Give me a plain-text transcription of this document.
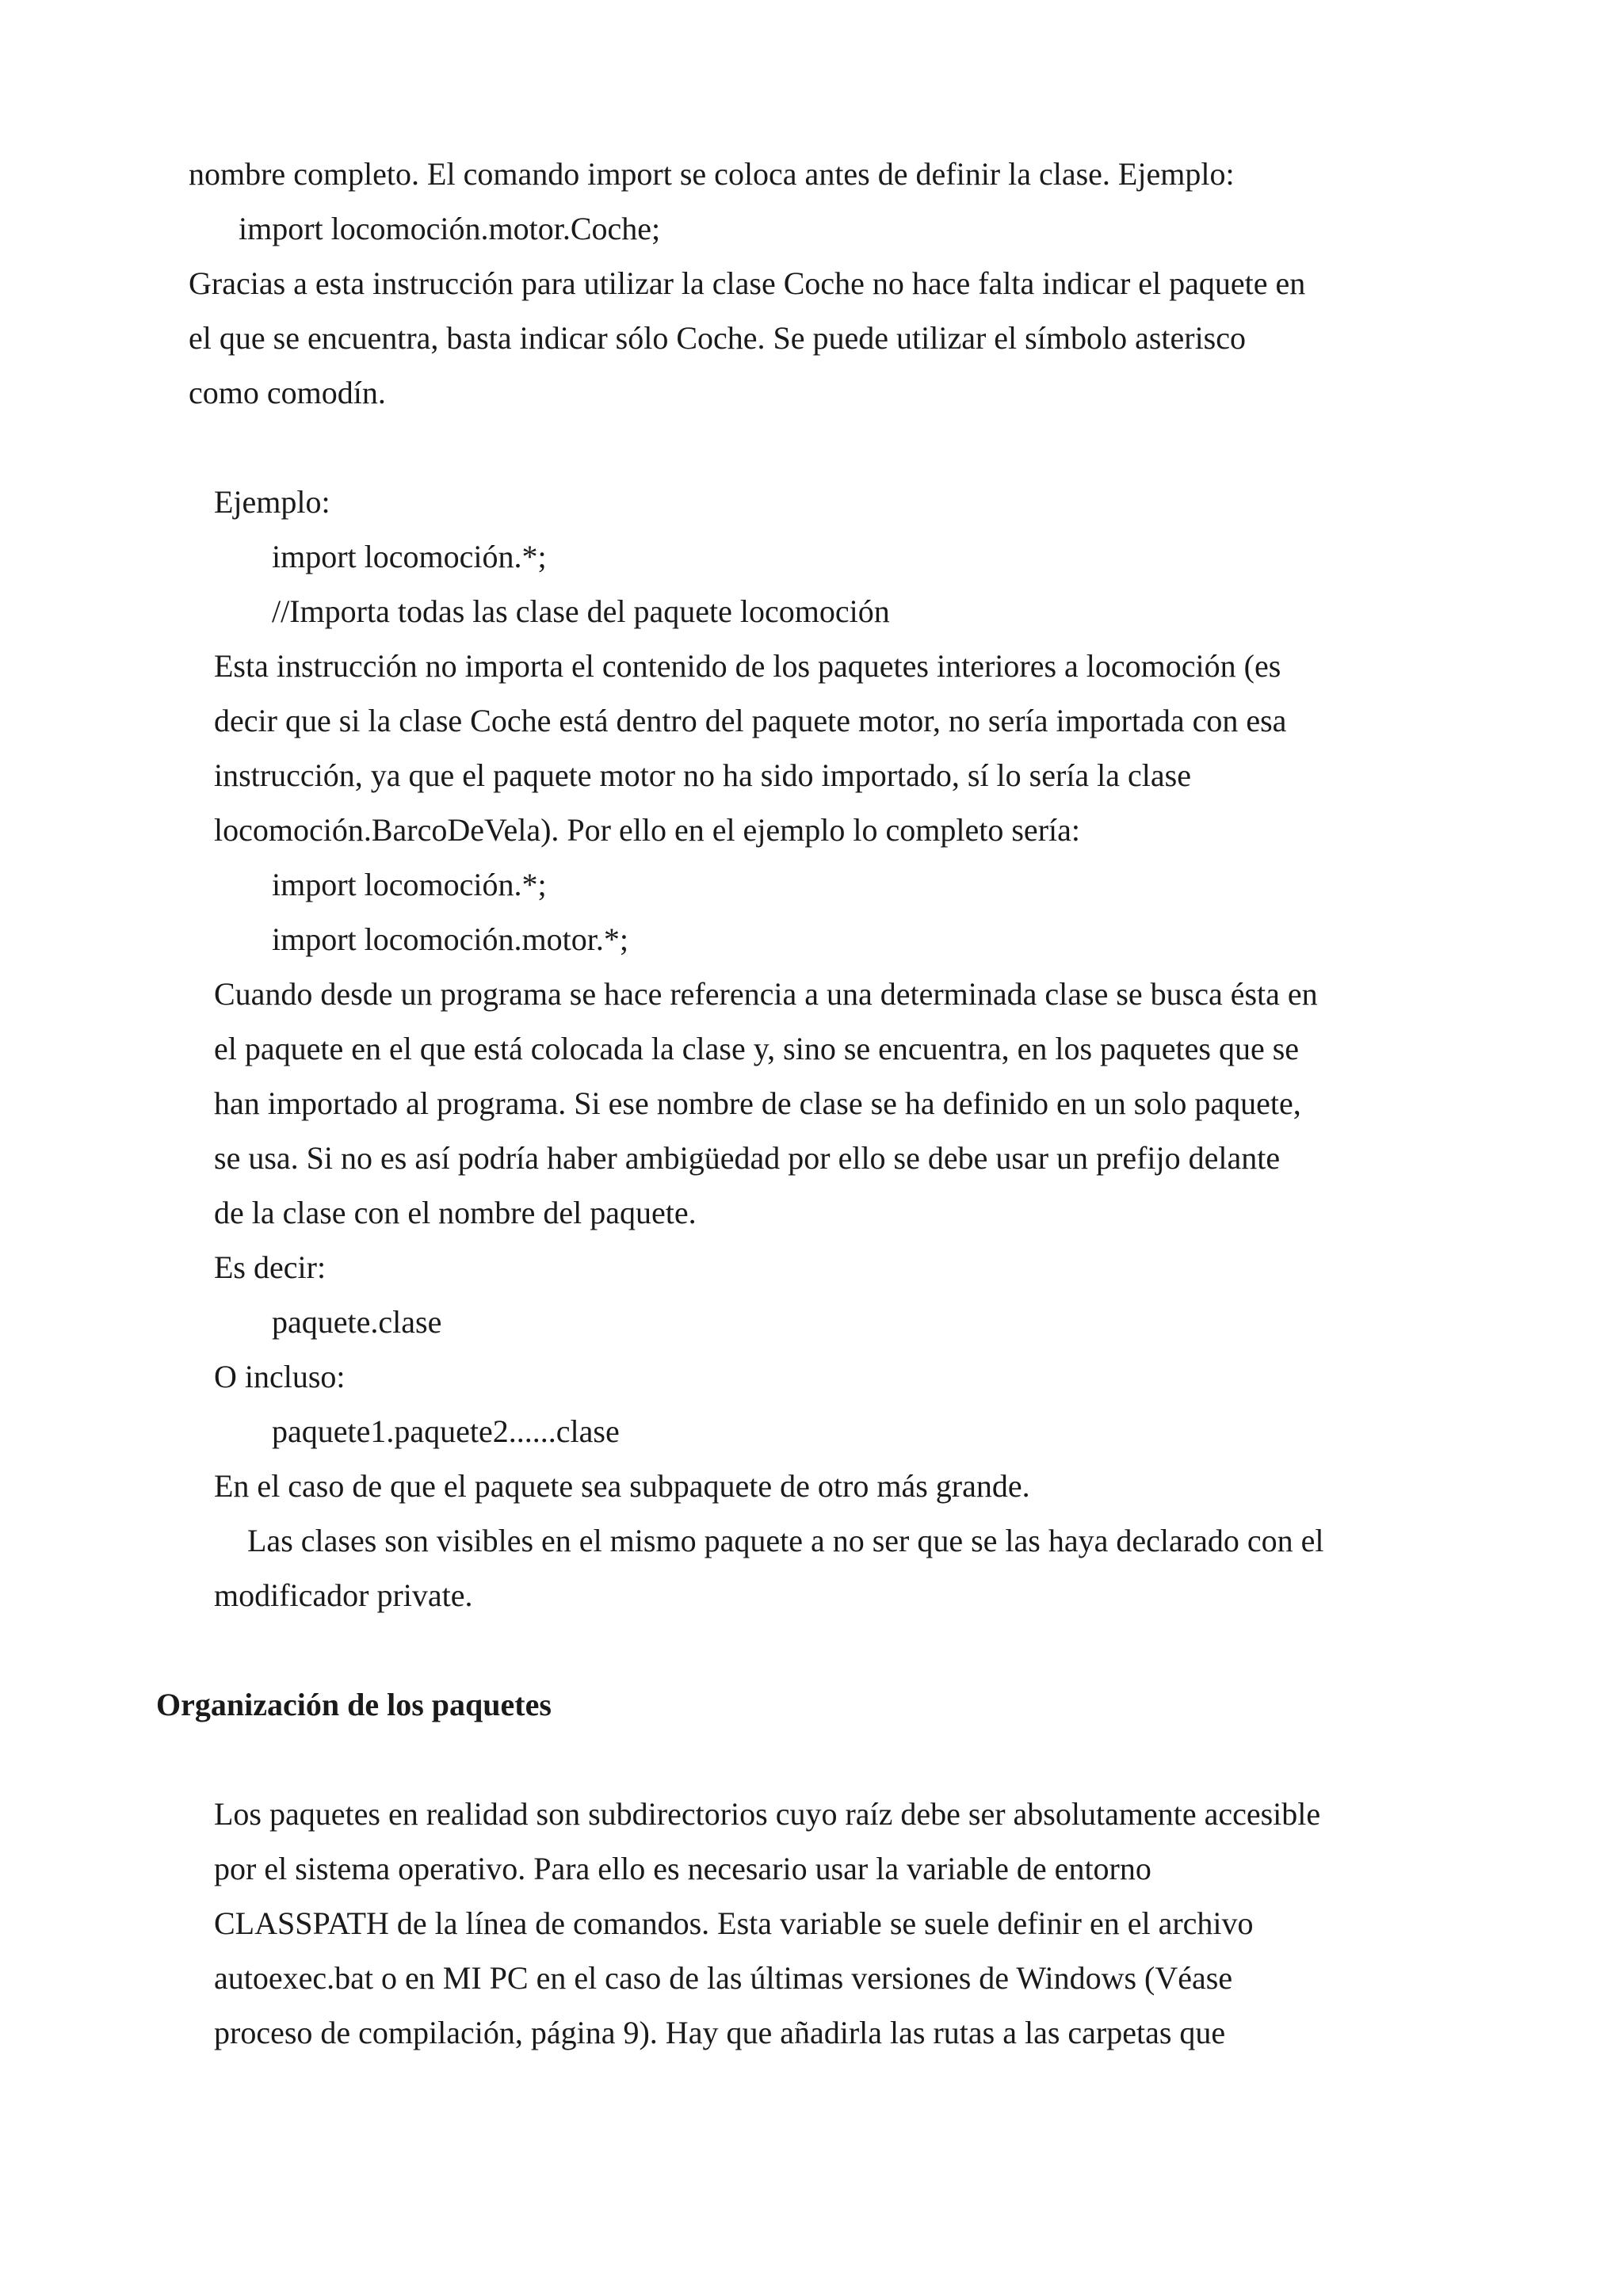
nombre completo. El comando import se coloca antes de definir la clase. Ejemplo:
import locomoción.motor.Coche;
Gracias a esta instrucción para utilizar la clase Coche no hace falta indicar el paquete en
el que se encuentra, basta indicar sólo Coche. Se puede utilizar el símbolo asterisco
como comodín.
Ejemplo:
import locomoción.*;
//Importa todas las clase del paquete locomoción
Esta instrucción no importa el contenido de los paquetes interiores a locomoción (es
decir que si la clase Coche está dentro del paquete motor, no sería importada con esa
instrucción, ya que el paquete motor no ha sido importado, sí lo sería la clase
locomoción.BarcoDeVela). Por ello en el ejemplo lo completo sería:
import locomoción.*;
import locomoción.motor.*;
Cuando desde un programa se hace referencia a una determinada clase se busca ésta en
el paquete en el que está colocada la clase y, sino se encuentra, en los paquetes que se
han importado al programa. Si ese nombre de clase se ha definido en un solo paquete,
se usa. Si no es así podría haber ambigüedad por ello se debe usar un prefijo delante
de la clase con el nombre del paquete.
Es decir:
paquete.clase
O incluso:
paquete1.paquete2......clase
En el caso de que el paquete sea subpaquete de otro más grande.
Las clases son visibles en el mismo paquete a no ser que se las haya declarado con el
modificador private.
Organización de los paquetes
Los paquetes en realidad son subdirectorios cuyo raíz debe ser absolutamente accesible
por el sistema operativo. Para ello es necesario usar la variable de entorno
CLASSPATH de la línea de comandos. Esta variable se suele definir en el archivo
autoexec.bat o en MI PC en el caso de las últimas versiones de Windows (Véase
proceso de compilación, página 9). Hay que añadirla las rutas a las carpetas que
